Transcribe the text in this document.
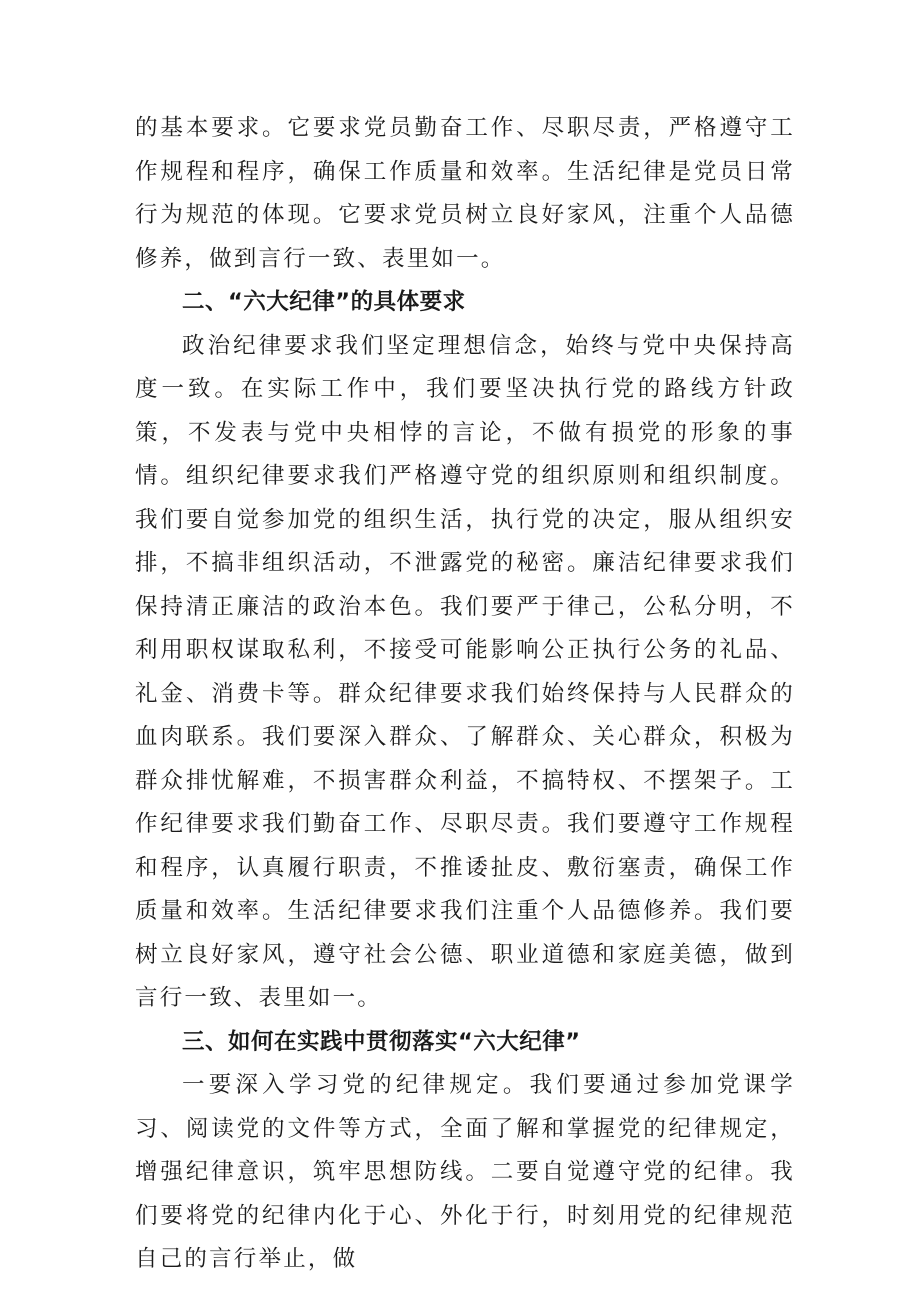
的基本要求。它要求党员勤奋工作、尽职尽责，严格遵守工作规程和程序，确保工作质量和效率。生活纪律是党员日常行为规范的体现。它要求党员树立良好家风，注重个人品德修养，做到言行一致、表里如一。

二、“六大纪律”的具体要求

政治纪律要求我们坚定理想信念，始终与党中央保持高度一致。在实际工作中，我们要坚决执行党的路线方针政策，不发表与党中央相悖的言论，不做有损党的形象的事情。组织纪律要求我们严格遵守党的组织原则和组织制度。我们要自觉参加党的组织生活，执行党的决定，服从组织安排，不搞非组织活动，不泄露党的秘密。廉洁纪律要求我们保持清正廉洁的政治本色。我们要严于律己，公私分明，不利用职权谋取私利，不接受可能影响公正执行公务的礼品、礼金、消费卡等。群众纪律要求我们始终保持与人民群众的血肉联系。我们要深入群众、了解群众、关心群众，积极为群众排忧解难，不损害群众利益，不搞特权、不摆架子。工作纪律要求我们勤奋工作、尽职尽责。我们要遵守工作规程和程序，认真履行职责，不推诿扯皮、敷衍塞责，确保工作质量和效率。生活纪律要求我们注重个人品德修养。我们要树立良好家风，遵守社会公德、职业道德和家庭美德，做到言行一致、表里如一。

三、如何在实践中贯彻落实“六大纪律”

一要深入学习党的纪律规定。我们要通过参加党课学习、阅读党的文件等方式，全面了解和掌握党的纪律规定，增强纪律意识，筑牢思想防线。二要自觉遵守党的纪律。我们要将党的纪律内化于心、外化于行，时刻用党的纪律规范自己的言行举止，做
